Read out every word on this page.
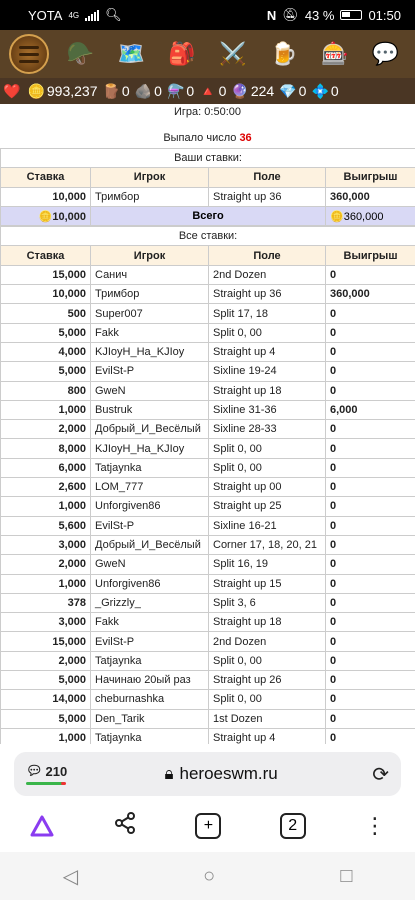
YOTA 4G 🔍︎	N 🔕︎ 43 %	01:50
🪖 🗺️ 🎒 ⚔️ 🍺 🎰 💬
❤️ 🪙 993,237 🪵 0 🪨 0 ⚗️ 0 🔺 0 🔮 224 💎 0 💠 0
Игра: 0:50:00
Выпало число 36
Ваши ставки:			
Ставка	Игрок	Поле	Выигрыш
10,000	Тримбор	Straight up 36	360,000
🪙10,000	Всего		🪙360,000
Все ставки:			
Ставка	Игрок	Поле	Выигрыш
15,000	Санич	2nd Dozen	0
10,000	Тримбор	Straight up 36	360,000
500	Super007	Split 17, 18	0
5,000	Fakk	Split 0, 00	0
4,000	KJIoyH_Ha_KJIoy	Straight up 4	0
5,000	EvilSt-P	Sixline 19-24	0
800	GweN	Straight up 18	0
1,000	Bustruk	Sixline 31-36	6,000
2,000	Добрый_И_Весёлый	Sixline 28-33	0
8,000	KJIoyH_Ha_KJIoy	Split 0, 00	0
6,000	Tatjaynka	Split 0, 00	0
2,600	LOM_777	Straight up 00	0
1,000	Unforgiven86	Straight up 25	0
5,600	EvilSt-P	Sixline 16-21	0
3,000	Добрый_И_Весёлый	Corner 17, 18, 20, 21	0
2,000	GweN	Split 16, 19	0
1,000	Unforgiven86	Straight up 15	0
378	_Grizzly_	Split 3, 6	0
3,000	Fakk	Straight up 18	0
15,000	EvilSt-P	2nd Dozen	0
2,000	Tatjaynka	Split 0, 00	0
5,000	Начинаю 20ый раз	Straight up 26	0
14,000	cheburnashka	Split 0, 00	0
5,000	Den_Tarik	1st Dozen	0
1,000	Tatjaynka	Straight up 4	0
💬︎ 210	🔒︎ heroeswm.ru	⟳
+	2	⋮
◁	○	□
